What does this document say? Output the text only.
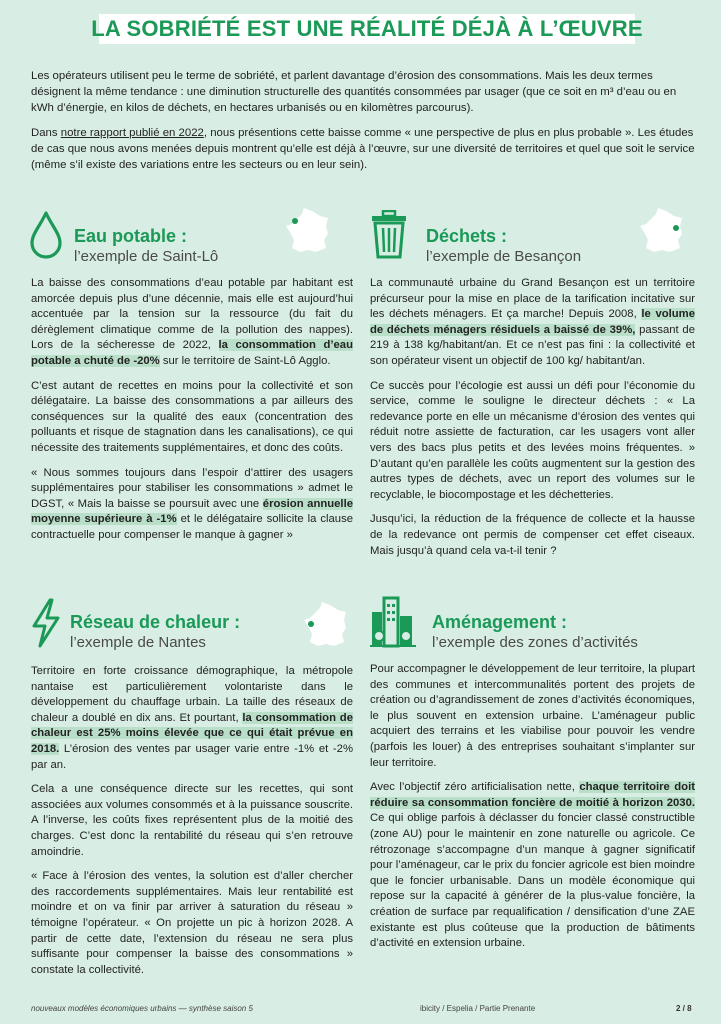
LA SOBRIÉTÉ EST UNE RÉALITÉ DÉJÀ À L’ŒUVRE

Les opérateurs utilisent peu le terme de sobriété, et parlent davantage d’érosion des consommations. Mais les deux termes désignent la même tendance : une diminution structurelle des quantités consommées par usager (que ce soit en m³ d’eau ou en kWh d’énergie, en kilos de déchets, en hectares urbanisés ou en kilomètres parcourus).

Dans notre rapport publié en 2022, nous présentions cette baisse comme « une perspective de plus en plus probable ». Les études de cas que nous avons menées depuis montrent qu’elle est déjà à l’œuvre, sur une diversité de territoires et quel que soit le service (même s’il existe des variations entre les secteurs ou en leur sein).

Eau potable :
l’exemple de Saint-Lô

La baisse des consommations d’eau potable par habitant est amorcée depuis plus d’une décennie, mais elle est aujourd’hui accentuée par la tension sur la ressource (du fait du dérèglement climatique comme de la pollution des nappes). Lors de la sécheresse de 2022, la consommation d’eau potable a chuté de -20% sur le territoire de Saint-Lô Agglo.

C’est autant de recettes en moins pour la collectivité et son délégataire. La baisse des consommations a par ailleurs des conséquences sur la qualité des eaux (concentration des polluants et risque de stagnation dans les canalisations), ce qui nécessite des traitements supplémentaires, et donc des coûts.

« Nous sommes toujours dans l’espoir d’attirer des usagers supplémentaires pour stabiliser les consommations » admet le DGST, « Mais la baisse se poursuit avec une érosion annuelle moyenne supérieure à -1% et le délégataire sollicite la clause contractuelle pour compenser le manque à gagner »

Déchets :
l’exemple de Besançon

La communauté urbaine du Grand Besançon est un territoire précurseur pour la mise en place de la tarification incitative sur les déchets ménagers. Et ça marche! Depuis 2008, le volume de déchets ménagers résiduels a baissé de 39%, passant de 219 à 138 kg/habitant/an. Et ce n’est pas fini : la collectivité et son opérateur visent un objectif de 100 kg/ habitant/an.

Ce succès pour l’écologie est aussi un défi pour l’économie du service, comme le souligne le directeur déchets : « La redevance porte en elle un mécanisme d’érosion des ventes qui réduit notre assiette de facturation, car les usagers vont aller vers des bacs plus petits et des levées moins fréquentes. » D’autant qu’en parallèle les coûts augmentent sur la gestion des autres types de déchets, avec un report des volumes sur le recyclable, le biocompostage et les déchetteries.

Jusqu’ici, la réduction de la fréquence de collecte et la hausse de la redevance ont permis de compenser cet effet ciseaux. Mais jusqu’à quand cela va-t-il tenir ?

Réseau de chaleur :
l’exemple de Nantes

Territoire en forte croissance démographique, la métropole nantaise est particulièrement volontariste dans le développement du chauffage urbain. La taille des réseaux de chaleur a doublé en dix ans. Et pourtant, la consommation de chaleur est 25% moins élevée que ce qui était prévue en 2018. L’érosion des ventes par usager varie entre -1% et -2% par an.

Cela a une conséquence directe sur les recettes, qui sont associées aux volumes consommés et à la puissance souscrite. A l’inverse, les coûts fixes représentent plus de la moitié des charges. C’est donc la rentabilité du réseau qui s’en retrouve amoindrie.

« Face à l’érosion des ventes, la solution est d’aller chercher des raccordements supplémentaires. Mais leur rentabilité est moindre et on va finir par arriver à saturation du réseau » témoigne l’opérateur. « On projette un pic à horizon 2028. A partir de cette date, l’extension du réseau ne sera plus suffisante pour compenser la baisse des consommations » constate la collectivité.

Aménagement :
l’exemple des zones d’activités

Pour accompagner le développement de leur territoire, la plupart des communes et intercommunalités portent des projets de création ou d’agrandissement de zones d’activités économiques, le plus souvent en extension urbaine. L’aménageur public acquiert des terrains et les viabilise pour pouvoir les vendre (parfois les louer) à des entreprises souhaitant s’implanter sur leur territoire.

Avec l’objectif zéro artificialisation nette, chaque territoire doit réduire sa consommation foncière de moitié à horizon 2030. Ce qui oblige parfois à déclasser du foncier classé constructible (zone AU) pour le maintenir en zone naturelle ou agricole. Ce rétrozonage s’accompagne d’un manque à gagner significatif pour l’aménageur, car le prix du foncier agricole est bien moindre que le foncier urbanisable. Dans un modèle économique qui repose sur la capacité à générer de la plus-value foncière, la création de surface par requalification / densification d’une ZAE existante est plus coûteuse que la production de bâtiments d’activité en extension urbaine.

nouveaux modèles économiques urbains — synthèse saison 5	ibicity / Espelia / Partie Prenante	2 / 8
